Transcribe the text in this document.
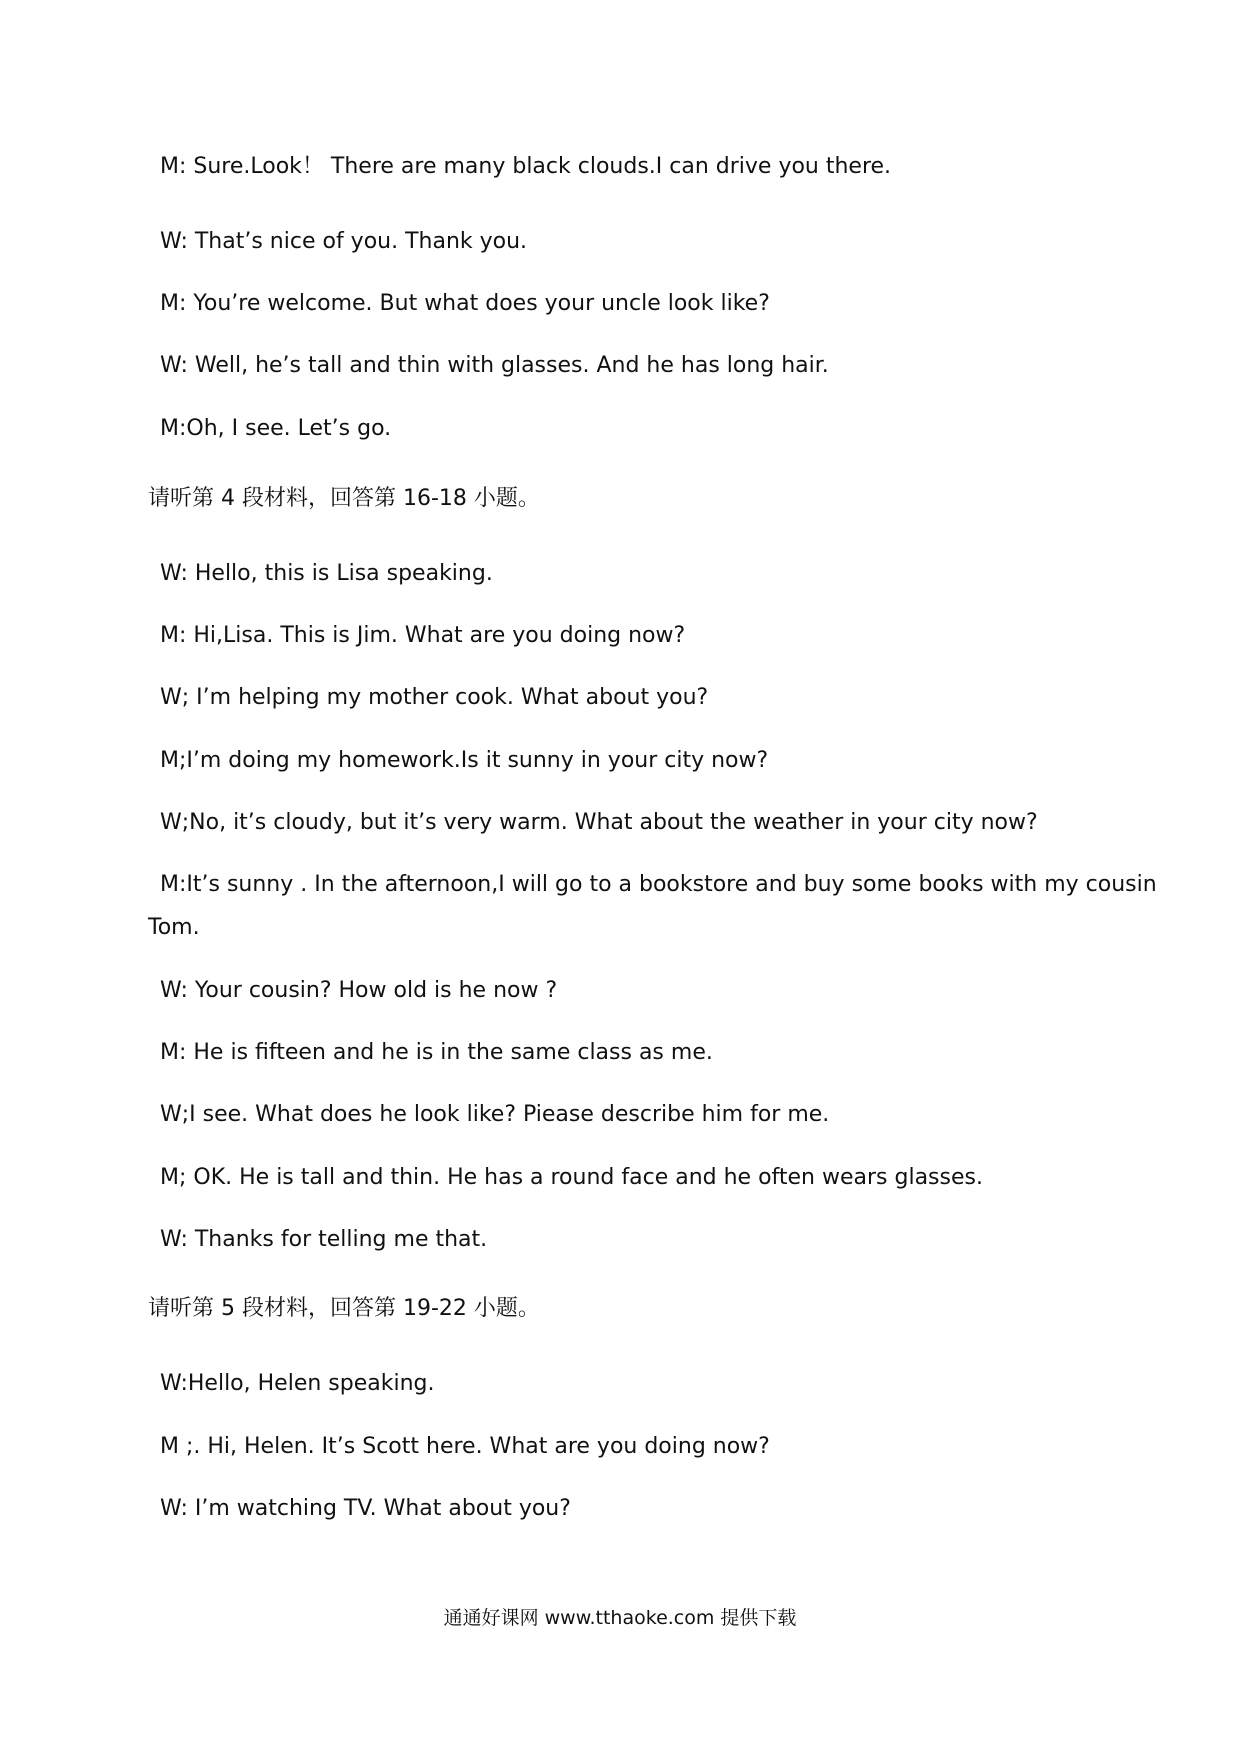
M: Sure.Look！ There are many black clouds.I can drive you there.
W: That’s nice of you. Thank you.
M: You’re welcome. But what does your uncle look like?
W: Well, he’s tall and thin with glasses. And he has long hair.
M:Oh, I see. Let’s go.
请听第 4 段材料，回答第 16-18 小题。
W: Hello, this is Lisa speaking.
M: Hi,Lisa. This is Jim. What are you doing now?
W; I’m helping my mother cook. What about you?
M;I’m doing my homework.Is it sunny in your city now?
W;No, it’s cloudy, but it’s very warm. What about the weather in your city now?
M:It’s sunny . In the afternoon,I will go to a bookstore and buy some books with my cousin
Tom.
W: Your cousin? How old is he now ?
M: He is fifteen and he is in the same class as me.
W;I see. What does he look like? Piease describe him for me.
M; OK. He is tall and thin. He has a round face and he often wears glasses.
W: Thanks for telling me that.
请听第 5 段材料，回答第 19-22 小题。
W:Hello, Helen speaking.
M ;. Hi, Helen. It’s Scott here. What are you doing now?
W: I’m watching TV. What about you?
通通好课网 www.tthaoke.com 提供下载
